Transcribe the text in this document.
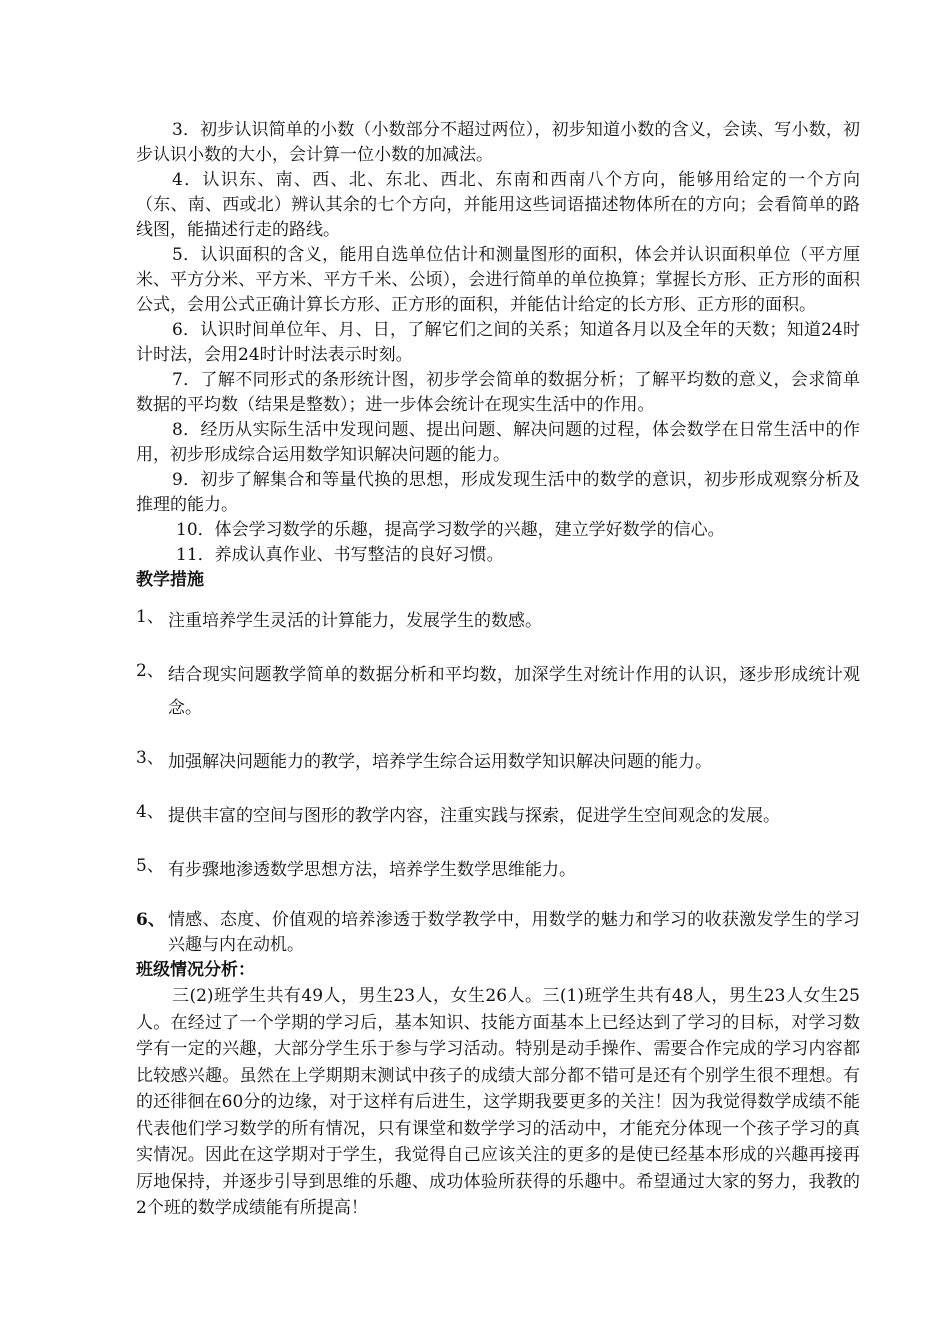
3．初步认识简单的小数（小数部分不超过两位），初步知道小数的含义，会读、写小数，初步认识小数的大小，会计算一位小数的加减法。

4．认识东、南、西、北、东北、西北、东南和西南八个方向，能够用给定的一个方向（东、南、西或北）辨认其余的七个方向，并能用这些词语描述物体所在的方向；会看简单的路线图，能描述行走的路线。

5．认识面积的含义，能用自选单位估计和测量图形的面积，体会并认识面积单位（平方厘米、平方分米、平方米、平方千米、公顷），会进行简单的单位换算；掌握长方形、正方形的面积公式，会用公式正确计算长方形、正方形的面积，并能估计给定的长方形、正方形的面积。

6．认识时间单位年、月、日，了解它们之间的关系；知道各月以及全年的天数；知道24时计时法，会用24时计时法表示时刻。

7．了解不同形式的条形统计图，初步学会简单的数据分析；了解平均数的意义，会求简单数据的平均数（结果是整数）；进一步体会统计在现实生活中的作用。

8．经历从实际生活中发现问题、提出问题、解决问题的过程，体会数学在日常生活中的作用，初步形成综合运用数学知识解决问题的能力。

9．初步了解集合和等量代换的思想，形成发现生活中的数学的意识，初步形成观察分析及推理的能力。

10．体会学习数学的乐趣，提高学习数学的兴趣，建立学好数学的信心。

11．养成认真作业、书写整洁的良好习惯。

教学措施
1、 注重培养学生灵活的计算能力，发展学生的数感。
2、 结合现实问题教学简单的数据分析和平均数，加深学生对统计作用的认识，逐步形成统计观念。
3、 加强解决问题能力的教学，培养学生综合运用数学知识解决问题的能力。
4、 提供丰富的空间与图形的教学内容，注重实践与探索，促进学生空间观念的发展。
5、 有步骤地渗透数学思想方法，培养学生数学思维能力。
6、 情感、态度、价值观的培养渗透于数学教学中，用数学的魅力和学习的收获激发学生的学习兴趣与内在动机。
班级情况分析：

三(2)班学生共有49人，男生23人，女生26人。三(1)班学生共有48人，男生23人女生25人。在经过了一个学期的学习后，基本知识、技能方面基本上已经达到了学习的目标，对学习数学有一定的兴趣，大部分学生乐于参与学习活动。特别是动手操作、需要合作完成的学习内容都比较感兴趣。虽然在上学期期末测试中孩子的成绩大部分都不错可是还有个别学生很不理想。有的还徘徊在60分的边缘，对于这样有后进生，这学期我要更多的关注！因为我觉得数学成绩不能代表他们学习数学的所有情况，只有课堂和数学学习的活动中，才能充分体现一个孩子学习的真实情况。因此在这学期对于学生，我觉得自己应该关注的更多的是使已经基本形成的兴趣再接再厉地保持，并逐步引导到思维的乐趣、成功体验所获得的乐趣中。希望通过大家的努力，我教的2个班的数学成绩能有所提高！
